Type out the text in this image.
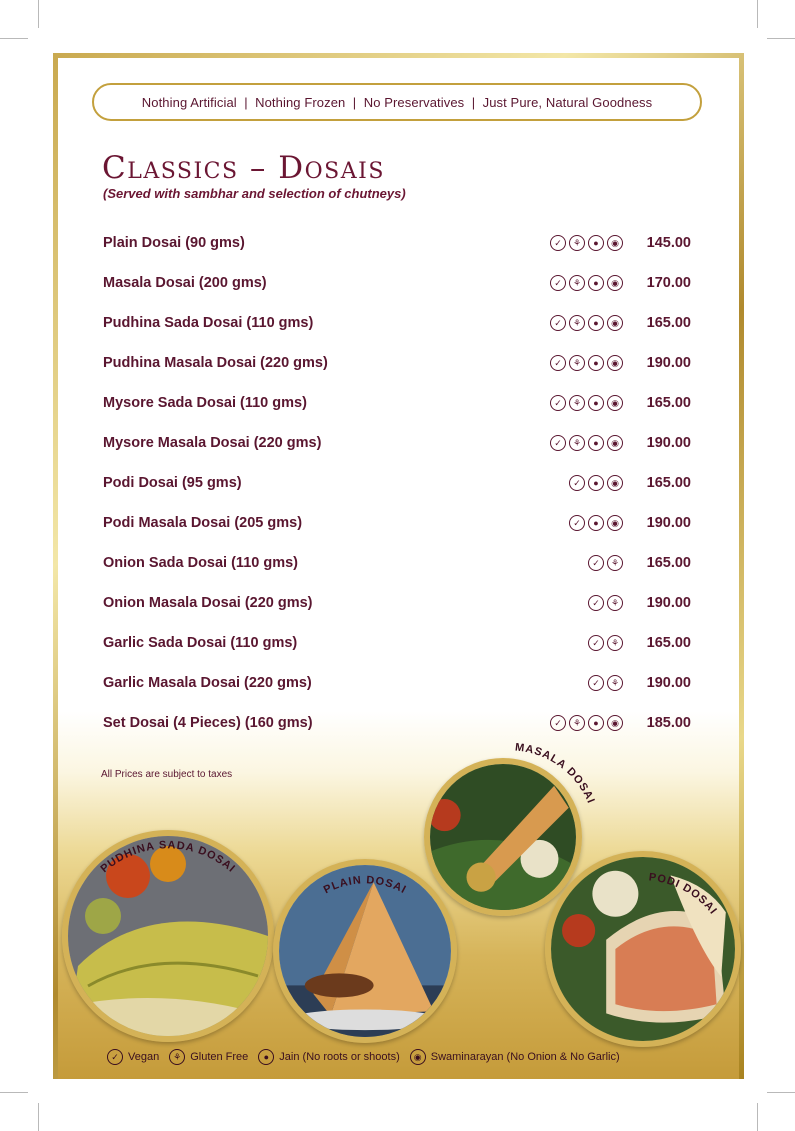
Nothing Artificial  |  Nothing Frozen  |  No Preservatives  |  Just Pure, Natural Goodness
Classics – Dosais
(Served with sambhar and selection of chutneys)
Plain Dosai (90 gms)	✓	⚘	●	◉ 145.00
Masala Dosai (200 gms)	✓	⚘	●	◉ 170.00
Pudhina Sada Dosai (110 gms)	✓	⚘	●	◉ 165.00
Pudhina Masala Dosai (220 gms)	✓	⚘	●	◉ 190.00
Mysore Sada Dosai (110 gms)	✓	⚘	●	◉ 165.00
Mysore Masala Dosai (220 gms)	✓	⚘	●	◉ 190.00
Podi Dosai (95 gms)	✓	●	◉ 165.00
Podi Masala Dosai (205 gms)	✓	●	◉ 190.00
Onion Sada Dosai (110 gms)	✓	⚘ 165.00
Onion Masala Dosai (220 gms)	✓	⚘ 190.00
Garlic Sada Dosai (110 gms)	✓	⚘ 165.00
Garlic Masala Dosai (220 gms)	✓	⚘ 190.00
Set Dosai (4 Pieces) (160 gms)	✓	⚘	●	◉ 185.00
All Prices are subject to taxes
PUDHINA SADA DOSAI
PLAIN DOSAI
MASALA DOSAI
PODI DOSAI
✓ Vegan	⚘ Gluten Free	● Jain (No roots or shoots)	◉ Swaminarayan (No Onion & No Garlic)
